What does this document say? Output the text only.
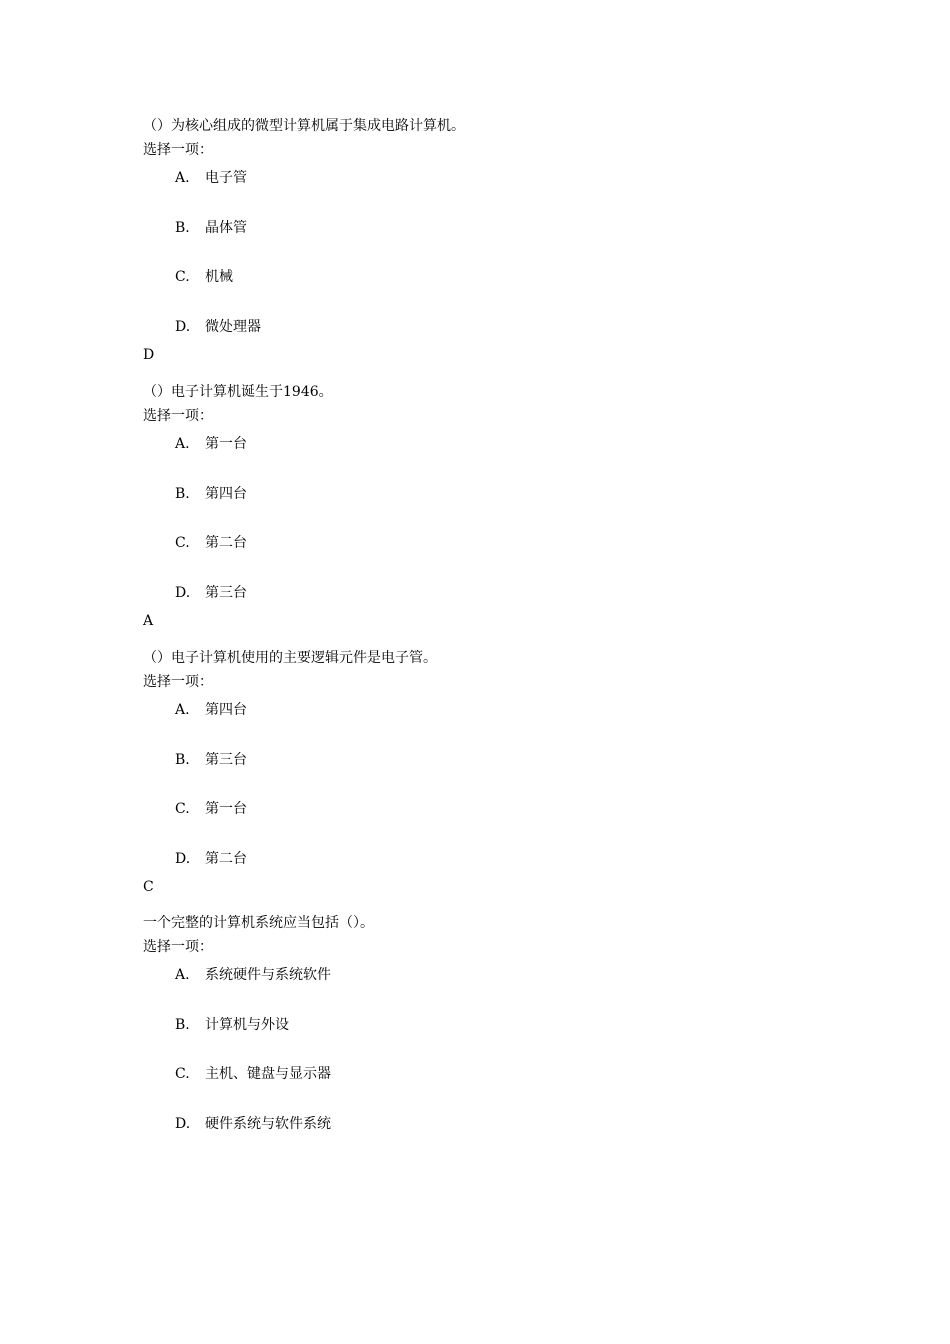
（）为核心组成的微型计算机属于集成电路计算机。
选择一项：
A. 电子管
B. 晶体管
C. 机械
D. 微处理器
D
（）电子计算机诞生于1946。
选择一项：
A. 第一台
B. 第四台
C. 第二台
D. 第三台
A
（）电子计算机使用的主要逻辑元件是电子管。
选择一项：
A. 第四台
B. 第三台
C. 第一台
D. 第二台
C
一个完整的计算机系统应当包括（）。
选择一项：
A. 系统硬件与系统软件
B. 计算机与外设
C. 主机、键盘与显示器
D. 硬件系统与软件系统
